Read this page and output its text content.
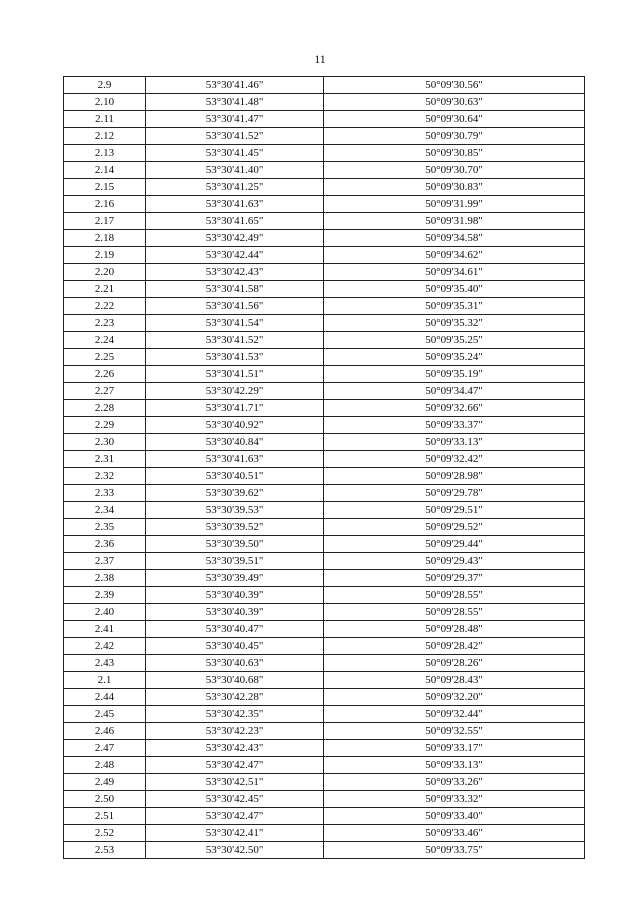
11
2.9	53°30'41.46"	50°09'30.56"
2.10	53°30'41.48"	50°09'30.63"
2.11	53°30'41.47"	50°09'30.64"
2.12	53°30'41.52"	50°09'30.79"
2.13	53°30'41.45"	50°09'30.85"
2.14	53°30'41.40"	50°09'30.70"
2.15	53°30'41.25"	50°09'30.83"
2.16	53°30'41.63"	50°09'31.99"
2.17	53°30'41.65"	50°09'31.98"
2.18	53°30'42.49"	50°09'34.58"
2.19	53°30'42.44"	50°09'34.62"
2.20	53°30'42.43"	50°09'34.61"
2.21	53°30'41.58"	50°09'35.40"
2.22	53°30'41.56"	50°09'35.31"
2.23	53°30'41.54"	50°09'35.32"
2.24	53°30'41.52"	50°09'35.25"
2.25	53°30'41.53"	50°09'35.24"
2.26	53°30'41.51"	50°09'35.19"
2.27	53°30'42.29"	50°09'34.47"
2.28	53°30'41.71"	50°09'32.66"
2.29	53°30'40.92"	50°09'33.37"
2.30	53°30'40.84"	50°09'33.13"
2.31	53°30'41.63"	50°09'32.42"
2.32	53°30'40.51"	50°09'28.98"
2.33	53°30'39.62"	50°09'29.78"
2.34	53°30'39.53"	50°09'29.51"
2.35	53°30'39.52"	50°09'29.52"
2.36	53°30'39.50"	50°09'29.44"
2.37	53°30'39.51"	50°09'29.43"
2.38	53°30'39.49"	50°09'29.37"
2.39	53°30'40.39"	50°09'28.55"
2.40	53°30'40.39"	50°09'28.55"
2.41	53°30'40.47"	50°09'28.48"
2.42	53°30'40.45"	50°09'28.42"
2.43	53°30'40.63"	50°09'28.26"
2.1	53°30'40.68"	50°09'28.43"
2.44	53°30'42.28"	50°09'32.20"
2.45	53°30'42.35"	50°09'32.44"
2.46	53°30'42.23"	50°09'32.55"
2.47	53°30'42.43"	50°09'33.17"
2.48	53°30'42.47"	50°09'33.13"
2.49	53°30'42.51"	50°09'33.26"
2.50	53°30'42.45"	50°09'33.32"
2.51	53°30'42.47"	50°09'33.40"
2.52	53°30'42.41"	50°09'33.46"
2.53	53°30'42.50"	50°09'33.75"
